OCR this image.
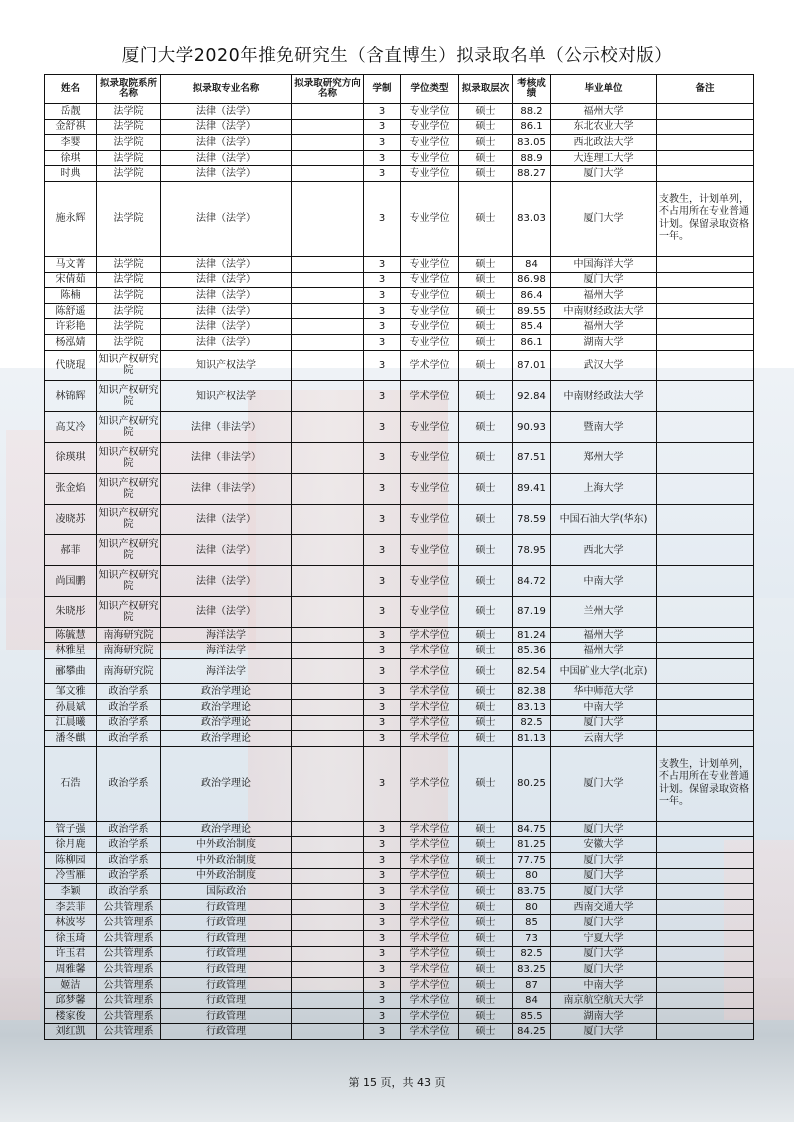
厦门大学2020年推免研究生（含直博生）拟录取名单（公示校对版）
姓名	拟录取院系所名称	拟录取专业名称	拟录取研究方向名称	学制	学位类型	拟录取层次	考核成绩	毕业单位	备注
岳靓	法学院	法律（法学）		3	专业学位	硕士	88.2	福州大学	
金舒祺	法学院	法律（法学）		3	专业学位	硕士	86.1	东北农业大学	
李婴	法学院	法律（法学）		3	专业学位	硕士	83.05	西北政法大学	
徐琪	法学院	法律（法学）		3	专业学位	硕士	88.9	大连理工大学	
时典	法学院	法律（法学）		3	专业学位	硕士	88.27	厦门大学	
施永辉	法学院	法律（法学）		3	专业学位	硕士	83.03	厦门大学	支教生，计划单列，不占用所在专业普通计划。保留录取资格一年。
马文菁	法学院	法律（法学）		3	专业学位	硕士	84	中国海洋大学	
宋倩茹	法学院	法律（法学）		3	专业学位	硕士	86.98	厦门大学	
陈楠	法学院	法律（法学）		3	专业学位	硕士	86.4	福州大学	
陈舒遥	法学院	法律（法学）		3	专业学位	硕士	89.55	中南财经政法大学	
许彩艳	法学院	法律（法学）		3	专业学位	硕士	85.4	福州大学	
杨泓婧	法学院	法律（法学）		3	专业学位	硕士	86.1	湖南大学	
代晓琨	知识产权研究院	知识产权法学		3	学术学位	硕士	87.01	武汉大学	
林锦辉	知识产权研究院	知识产权法学		3	学术学位	硕士	92.84	中南财经政法大学	
高艾冷	知识产权研究院	法律（非法学）		3	专业学位	硕士	90.93	暨南大学	
徐瑛琪	知识产权研究院	法律（非法学）		3	专业学位	硕士	87.51	郑州大学	
张金焰	知识产权研究院	法律（非法学）		3	专业学位	硕士	89.41	上海大学	
凌晓苏	知识产权研究院	法律（法学）		3	专业学位	硕士	78.59	中国石油大学(华东)	
郝菲	知识产权研究院	法律（法学）		3	专业学位	硕士	78.95	西北大学	
尚国鹏	知识产权研究院	法律（法学）		3	专业学位	硕士	84.72	中南大学	
朱晓彤	知识产权研究院	法律（法学）		3	专业学位	硕士	87.19	兰州大学	
陈毓慧	南海研究院	海洋法学		3	学术学位	硕士	81.24	福州大学	
林雅星	南海研究院	海洋法学		3	学术学位	硕士	85.36	福州大学	
郦攀曲	南海研究院	海洋法学		3	学术学位	硕士	82.54	中国矿业大学(北京)	
邹文雅	政治学系	政治学理论		3	学术学位	硕士	82.38	华中师范大学	
孙晨斌	政治学系	政治学理论		3	学术学位	硕士	83.13	中南大学	
江晨曦	政治学系	政治学理论		3	学术学位	硕士	82.5	厦门大学	
潘冬麒	政治学系	政治学理论		3	学术学位	硕士	81.13	云南大学	
石浩	政治学系	政治学理论		3	学术学位	硕士	80.25	厦门大学	支教生，计划单列，不占用所在专业普通计划。保留录取资格一年。
管子强	政治学系	政治学理论		3	学术学位	硕士	84.75	厦门大学	
徐月鹿	政治学系	中外政治制度		3	学术学位	硕士	81.25	安徽大学	
陈柳园	政治学系	中外政治制度		3	学术学位	硕士	77.75	厦门大学	
冷雪雁	政治学系	中外政治制度		3	学术学位	硕士	80	厦门大学	
李颖	政治学系	国际政治		3	学术学位	硕士	83.75	厦门大学	
李芸菲	公共管理系	行政管理		3	学术学位	硕士	80	西南交通大学	
林波岑	公共管理系	行政管理		3	学术学位	硕士	85	厦门大学	
徐玉琦	公共管理系	行政管理		3	学术学位	硕士	73	宁夏大学	
许玉君	公共管理系	行政管理		3	学术学位	硕士	82.5	厦门大学	
周雅馨	公共管理系	行政管理		3	学术学位	硕士	83.25	厦门大学	
姬洁	公共管理系	行政管理		3	学术学位	硕士	87	中南大学	
邱梦馨	公共管理系	行政管理		3	学术学位	硕士	84	南京航空航天大学	
楼家俊	公共管理系	行政管理		3	学术学位	硕士	85.5	湖南大学	
刘红凯	公共管理系	行政管理		3	学术学位	硕士	84.25	厦门大学	
第 15 页，共 43 页
